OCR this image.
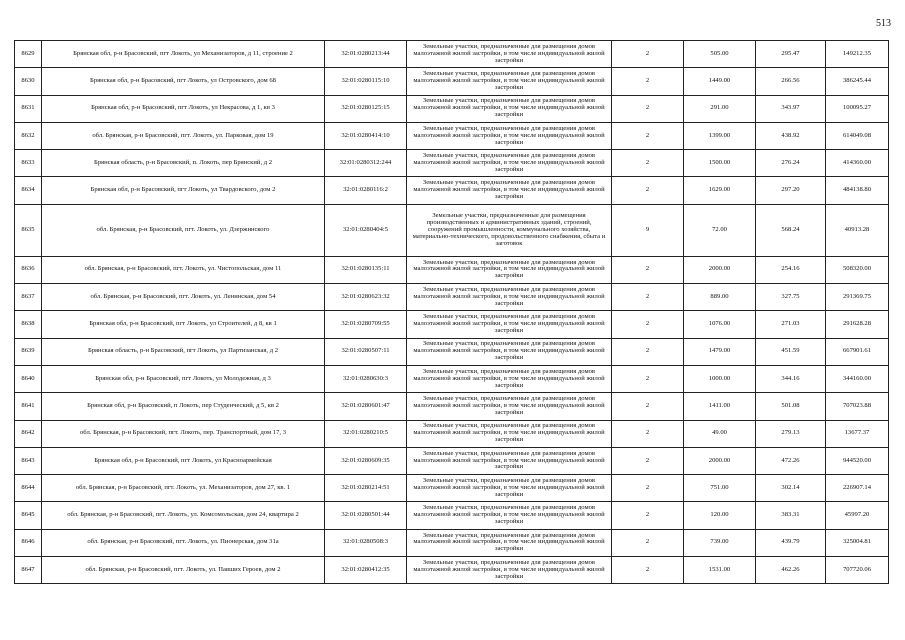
513
8629	Брянская обл, р-н Брасовский, пгт Локоть, ул Механизаторов, д 11, строение 2	32:01:0280213:44	Земельные участки, предназначенные для размещения домов малоэтажной жилой застройки, в том числе индивидуальной жилой застройки	2	505.00	295.47	149212.35
8630	Брянская обл, р-н Брасовский, пгт Локоть, ул Островского, дом 68	32:01:0280115:10	Земельные участки, предназначенные для размещения домов малоэтажной жилой застройки, в том числе индивидуальной жилой застройки	2	1449.00	266.56	386245.44
8631	Брянская обл, р-н Брасовский, пгт Локоть, ул Некрасова, д 1, кв 3	32:01:0280125:15	Земельные участки, предназначенные для размещения домов малоэтажной жилой застройки, в том числе индивидуальной жилой застройки	2	291.00	343.97	100095.27
8632	обл. Брянская, р-н Брасовский, пгт. Локоть, ул. Парковая, дом 19	32:01:0280414:10	Земельные участки, предназначенные для размещения домов малоэтажной жилой застройки, в том числе индивидуальной жилой застройки	2	1399.00	438.92	614049.08
8633	Брянская область, р-н Брасовский, п. Локоть, пер Брянский, д 2	32:01:0280312:244	Земельные участки, предназначенные для размещения домов малоэтажной жилой застройки, в том числе индивидуальной жилой застройки	2	1500.00	276.24	414360.00
8634	Брянская обл, р-н Брасовский, пгт Локоть, ул Твардовского, дом 2	32:01:0280116:2	Земельные участки, предназначенные для размещения домов малоэтажной жилой застройки, в том числе индивидуальной жилой застройки	2	1629.00	297.20	484138.80
8635	обл. Брянская, р-н Брасовский, пгт. Локоть, ул. Дзержинского	32:01:0280404:5	Земельные участки, предназначенные для размещения производственных и административных зданий, строений, сооружений промышленности, коммунального хозяйства, материально-технического, продовольственного снабжения, сбыта и заготовок	9	72.00	568.24	40913.28
8636	обл. Брянская, р-н Брасовский, пгт. Локоть, ул. Чистопольская, дом 11	32:01:0280135:11	Земельные участки, предназначенные для размещения домов малоэтажной жилой застройки, в том числе индивидуальной жилой застройки	2	2000.00	254.16	508320.00
8637	обл. Брянская, р-н Брасовский, пгт. Локоть, ул. Ленинская, дом 54	32:01:0280623:32	Земельные участки, предназначенные для размещения домов малоэтажной жилой застройки, в том числе индивидуальной жилой застройки	2	889.00	327.75	291369.75
8638	Брянская обл, р-н Брасовский, пгт Локоть, ул Строителей, д 8, кв 1	32:01:0280709:55	Земельные участки, предназначенные для размещения домов малоэтажной жилой застройки, в том числе индивидуальной жилой застройки	2	1076.00	271.03	291628.28
8639	Брянская область, р-н Брасовский, пгт Локоть, ул Партизанская, д 2	32:01:0280507:11	Земельные участки, предназначенные для размещения домов малоэтажной жилой застройки, в том числе индивидуальной жилой застройки	2	1479.00	451.59	667901.61
8640	Брянская обл, р-н Брасовский, пгт Локоть, ул Молодежная, д 3	32:01:0280630:3	Земельные участки, предназначенные для размещения домов малоэтажной жилой застройки, в том числе индивидуальной жилой застройки	2	1000.00	344.16	344160.00
8641	Брянская обл, р-н Брасовский, п Локоть, пер Студенческий, д 5, кв 2	32:01:0280601:47	Земельные участки, предназначенные для размещения домов малоэтажной жилой застройки, в том числе индивидуальной жилой застройки	2	1411.00	501.08	707023.88
8642	обл. Брянская, р-н Брасовский, пгт. Локоть, пер. Транспортный, дом 17, 3	32:01:0280210:5	Земельные участки, предназначенные для размещения домов малоэтажной жилой застройки, в том числе индивидуальной жилой застройки	2	49.00	279.13	13677.37
8643	Брянская обл, р-н Брасовский, пгт Локоть, ул Красноармейская	32:01:0280609:35	Земельные участки, предназначенные для размещения домов малоэтажной жилой застройки, в том числе индивидуальной жилой застройки	2	2000.00	472.26	944520.00
8644	обл. Брянская, р-н Брасовский, пгт. Локоть, ул. Механизаторов, дом 27, кв. 1	32:01:0280214:51	Земельные участки, предназначенные для размещения домов малоэтажной жилой застройки, в том числе индивидуальной жилой застройки	2	751.00	302.14	226907.14
8645	обл. Брянская, р-н Брасовский, пгт. Локоть, ул. Комсомольская, дом 24, квартира 2	32:01:0280501:44	Земельные участки, предназначенные для размещения домов малоэтажной жилой застройки, в том числе индивидуальной жилой застройки	2	120.00	383.31	45997.20
8646	обл. Брянская, р-н Брасовский, пгт. Локоть, ул. Пионерская, дом 31а	32:01:0280508:3	Земельные участки, предназначенные для размещения домов малоэтажной жилой застройки, в том числе индивидуальной жилой застройки	2	739.00	439.79	325004.81
8647	обл. Брянская, р-н Брасовский, пгт. Локоть, ул. Павших Героев, дом 2	32:01:0280412:35	Земельные участки, предназначенные для размещения домов малоэтажной жилой застройки, в том числе индивидуальной жилой застройки	2	1531.00	462.26	707720.06
